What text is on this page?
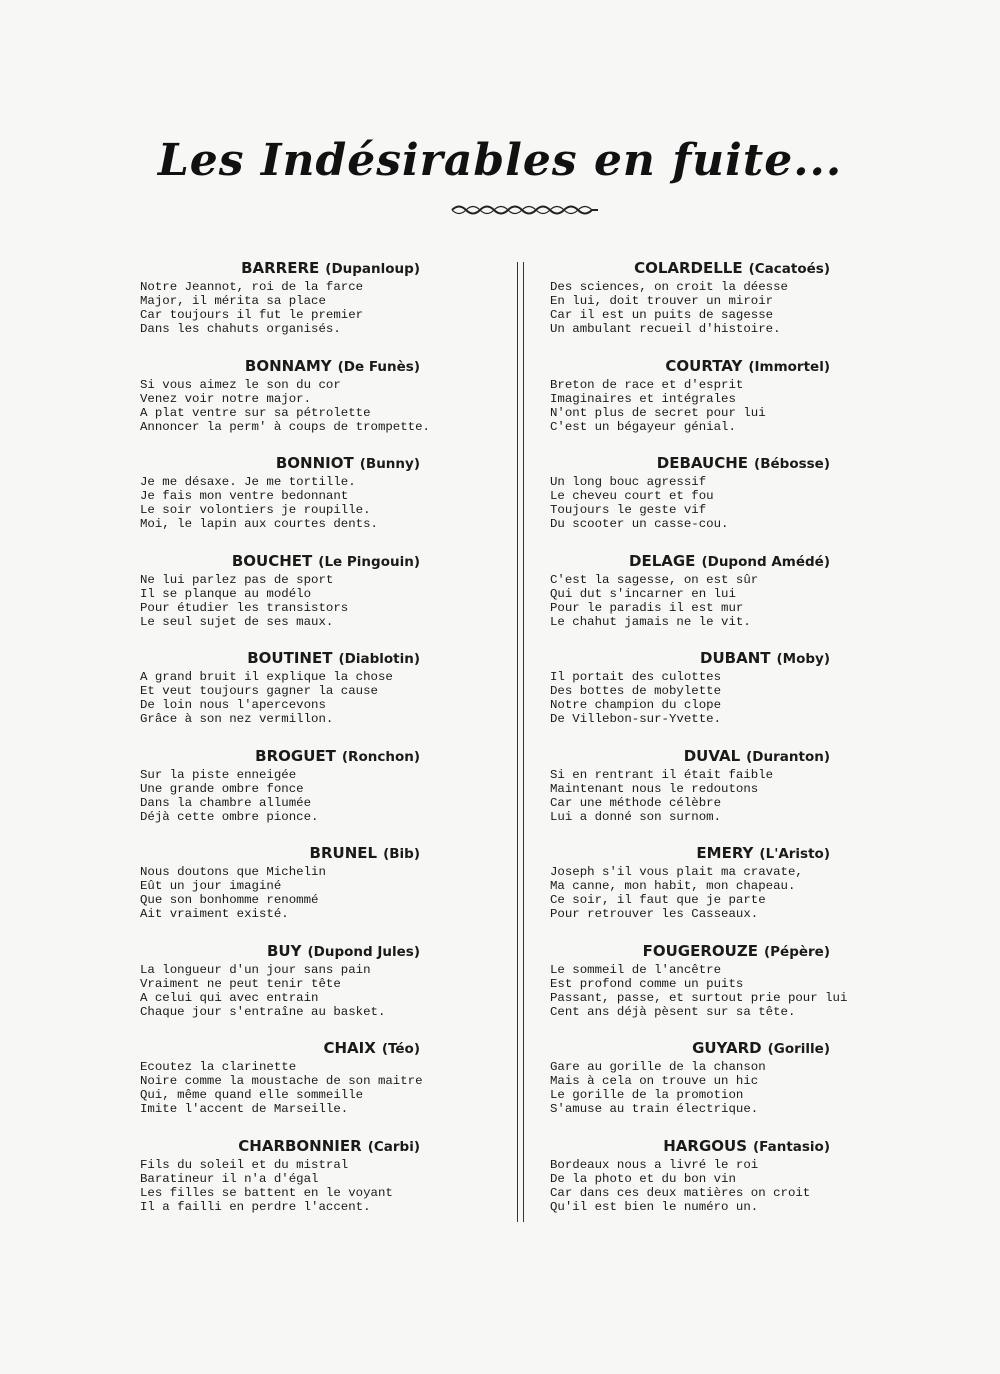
Les Indésirables en fuite...
BARRERE (Dupanloup)
Notre Jeannot, roi de la farce
Major, il mérita sa place
Car toujours il fut le premier
Dans les chahuts organisés.
BONNAMY (De Funès)
Si vous aimez le son du cor
Venez voir notre major.
A plat ventre sur sa pétrolette
Annoncer la perm' à coups de trompette.
BONNIOT (Bunny)
Je me désaxe. Je me tortille.
Je fais mon ventre bedonnant
Le soir volontiers je roupille.
Moi, le lapin aux courtes dents.
BOUCHET (Le Pingouin)
Ne lui parlez pas de sport
Il se planque au modélo
Pour étudier les transistors
Le seul sujet de ses maux.
BOUTINET (Diablotin)
A grand bruit il explique la chose
Et veut toujours gagner la cause
De loin nous l'apercevons
Grâce à son nez vermillon.
BROGUET (Ronchon)
Sur la piste enneigée
Une grande ombre fonce
Dans la chambre allumée
Déjà cette ombre pionce.
BRUNEL (Bib)
Nous doutons que Michelin
Eût un jour imaginé
Que son bonhomme renommé
Ait vraiment existé.
BUY (Dupond Jules)
La longueur d'un jour sans pain
Vraiment ne peut tenir tête
A celui qui avec entrain
Chaque jour s'entraîne au basket.
CHAIX (Téo)
Ecoutez la clarinette
Noire comme la moustache de son maitre
Qui, même quand elle sommeille
Imite l'accent de Marseille.
CHARBONNIER (Carbi)
Fils du soleil et du mistral
Baratineur il n'a d'égal
Les filles se battent en le voyant
Il a failli en perdre l'accent.
COLARDELLE (Cacatoés)
Des sciences, on croit la déesse
En lui, doit trouver un miroir
Car il est un puits de sagesse
Un ambulant recueil d'histoire.
COURTAY (Immortel)
Breton de race et d'esprit
Imaginaires et intégrales
N'ont plus de secret pour lui
C'est un bégayeur génial.
DEBAUCHE (Bébosse)
Un long bouc agressif
Le cheveu court et fou
Toujours le geste vif
Du scooter un casse-cou.
DELAGE (Dupond Amédé)
C'est la sagesse, on est sûr
Qui dut s'incarner en lui
Pour le paradis il est mur
Le chahut jamais ne le vit.
DUBANT (Moby)
Il portait des culottes
Des bottes de mobylette
Notre champion du clope
De Villebon-sur-Yvette.
DUVAL (Duranton)
Si en rentrant il était faible
Maintenant nous le redoutons
Car une méthode célèbre
Lui a donné son surnom.
EMERY (L'Aristo)
Joseph s'il vous plait ma cravate,
Ma canne, mon habit, mon chapeau.
Ce soir, il faut que je parte
Pour retrouver les Casseaux.
FOUGEROUZE (Pépère)
Le sommeil de l'ancêtre
Est profond comme un puits
Passant, passe, et surtout prie pour lui
Cent ans déjà pèsent sur sa tête.
GUYARD (Gorille)
Gare au gorille de la chanson
Mais à cela on trouve un hic
Le gorille de la promotion
S'amuse au train électrique.
HARGOUS (Fantasio)
Bordeaux nous a livré le roi
De la photo et du bon vin
Car dans ces deux matières on croit
Qu'il est bien le numéro un.
